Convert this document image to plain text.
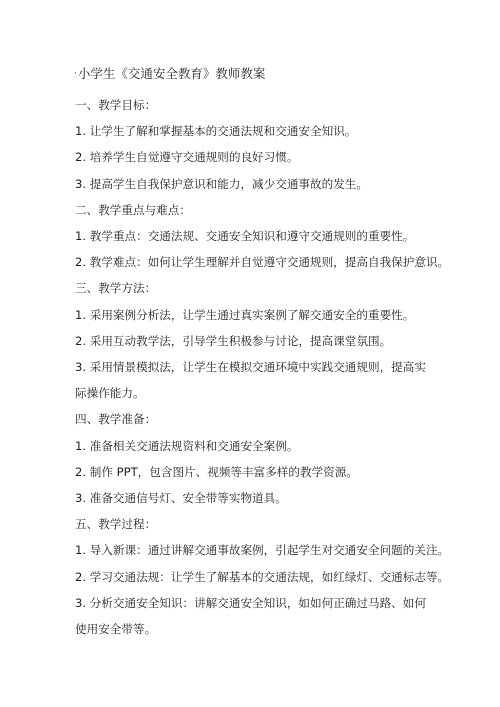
·小学生《交通安全教育》教师教案
一、教学目标：
1. 让学生了解和掌握基本的交通法规和交通安全知识。
2. 培养学生自觉遵守交通规则的良好习惯。
3. 提高学生自我保护意识和能力，减少交通事故的发生。
二、教学重点与难点：
1. 教学重点：交通法规、交通安全知识和遵守交通规则的重要性。
2. 教学难点：如何让学生理解并自觉遵守交通规则，提高自我保护意识。
三、教学方法：
1. 采用案例分析法，让学生通过真实案例了解交通安全的重要性。
2. 采用互动教学法，引导学生积极参与讨论，提高课堂氛围。
3. 采用情景模拟法，让学生在模拟交通环境中实践交通规则，提高实际操作能力。
四、教学准备：
1. 准备相关交通法规资料和交通安全案例。
2. 制作 PPT，包含图片、视频等丰富多样的教学资源。
3. 准备交通信号灯、安全带等实物道具。
五、教学过程：
1. 导入新课：通过讲解交通事故案例，引起学生对交通安全问题的关注。
2. 学习交通法规：让学生了解基本的交通法规，如红绿灯、交通标志等。
3. 分析交通安全知识：讲解交通安全知识，如如何正确过马路、如何使用安全带等。
